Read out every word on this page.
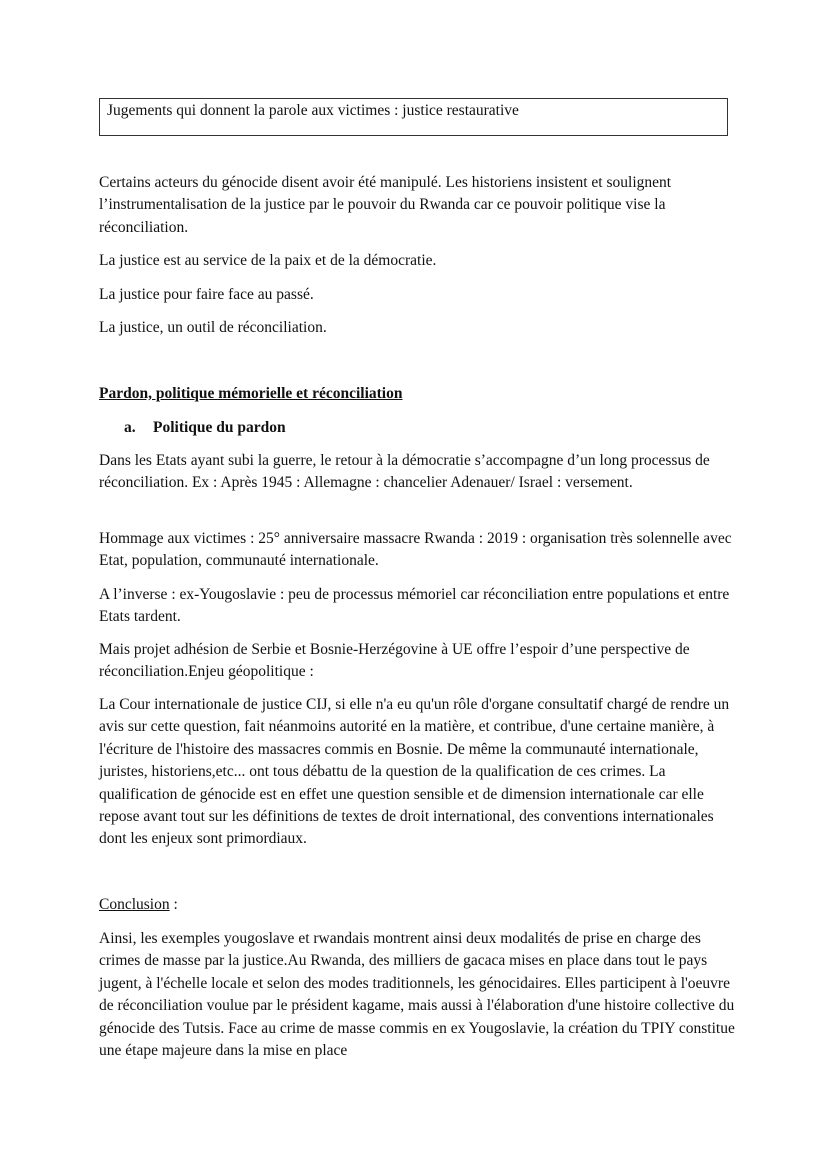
Jugements qui donnent la parole aux victimes : justice restaurative

Certains acteurs du génocide disent avoir été manipulé. Les historiens insistent et soulignent l’instrumentalisation de la justice par le pouvoir du Rwanda car ce pouvoir politique vise la réconciliation.

La justice est au service de la paix et de la démocratie.

La justice pour faire face au passé.

La justice, un outil de réconciliation.

Pardon, politique mémorielle et réconciliation
a. Politique du pardon

Dans les Etats ayant subi la guerre, le retour à la démocratie s’accompagne d’un long processus de réconciliation. Ex : Après 1945 : Allemagne : chancelier Adenauer/ Israel : versement.

Hommage aux victimes : 25° anniversaire massacre Rwanda : 2019 : organisation très solennelle avec Etat, population, communauté internationale.

A l’inverse : ex-Yougoslavie : peu de processus mémoriel car réconciliation entre populations et entre Etats tardent.

Mais projet adhésion de Serbie et Bosnie-Herzégovine à UE offre l’espoir d’une perspective de réconciliation.Enjeu géopolitique :

La Cour internationale de justice CIJ, si elle n'a eu qu'un rôle d'organe consultatif chargé de rendre un avis sur cette question, fait néanmoins autorité en la matière, et contribue, d'une certaine manière, à l'écriture de l'histoire des massacres commis en Bosnie. De même la communauté internationale, juristes, historiens,etc... ont tous débattu de la question de la qualification de ces crimes. La qualification de génocide est en effet une question sensible et de dimension internationale car elle repose avant tout sur les définitions de textes de droit international, des conventions internationales dont les enjeux sont primordiaux.

Conclusion :

Ainsi, les exemples yougoslave et rwandais montrent ainsi deux modalités de prise en charge des crimes de masse par la justice.Au Rwanda, des milliers de gacaca mises en place dans tout le pays jugent, à l'échelle locale et selon des modes traditionnels, les génocidaires. Elles participent à l'oeuvre de réconciliation voulue par le président kagame, mais aussi à l'élaboration d'une histoire collective du génocide des Tutsis. Face au crime de masse commis en ex Yougoslavie, la création du TPIY constitue une étape majeure dans la mise en place
